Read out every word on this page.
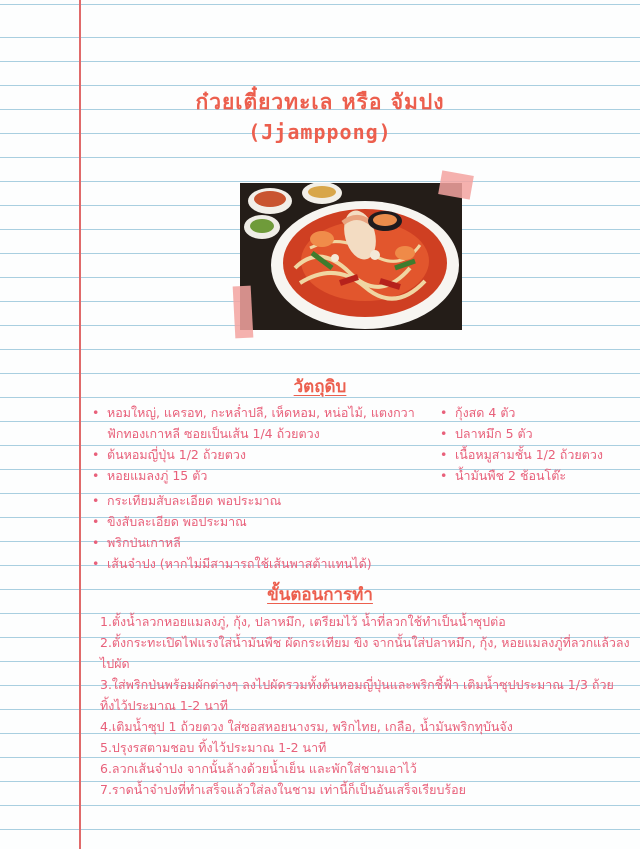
ก๋วยเตี๋ยวทะเล หรือ จัมปง
(Jjamppong)
วัตถุดิบ
• หอมใหญ่, แครอท, กะหล่ำปลี, เห็ดหอม, หน่อไม้, แตงกวาฟักทองเกาหลี ซอยเป็นเส้น 1/4 ถ้วยตวง
• ต้นหอมญี่ปุ่น 1/2 ถ้วยตวง
• หอยแมลงภู่ 15 ตัว
• กุ้งสด 4 ตัว
• ปลาหมึก 5 ตัว
• เนื้อหมูสามชั้น 1/2 ถ้วยตวง
• น้ำมันพืช 2 ช้อนโต๊ะ
• กระเทียมสับละเอียด พอประมาณ
• ขิงสับละเอียด พอประมาณ
• พริกป่นเกาหลี
• เส้นจ๋าปง (หากไม่มีสามารถใช้เส้นพาสต้าแทนได้)
ขั้นตอนการทำ
1.ตั้งน้ำลวกหอยแมลงภู่, กุ้ง, ปลาหมึก, เตรียมไว้ น้ำที่ลวกใช้ทำเป็นน้ำซุปต่อ
2.ตั้งกระทะเปิดไฟแรงใส่น้ำมันพืช ผัดกระเทียม ขิง จากนั้นใส่ปลาหมึก, กุ้ง, หอยแมลงภู่ที่ลวกแล้วลงไปผัด
3.ใส่พริกป่นพร้อมผักต่างๆ ลงไปผัดรวมทั้งต้นหอมญี่ปุ่นและพริกชี้ฟ้า เติมน้ำซุปประมาณ 1/3 ถ้วย ทิ้งไว้ประมาณ 1-2 นาที
4.เติมน้ำซุป 1 ถ้วยตวง ใส่ซอสหอยนางรม, พริกไทย, เกลือ, น้ำมันพริกทุบันจัง
5.ปรุงรสตามชอบ ทิ้งไว้ประมาณ 1-2 นาที
6.ลวกเส้นจ๋าปง จากนั้นล้างด้วยน้ำเย็น และพักใส่ชามเอาไว้
7.ราดน้ำจ๋าปงที่ทำเสร็จแล้วใส่ลงในชาม เท่านี้ก็เป็นอันเสร็จเรียบร้อย
